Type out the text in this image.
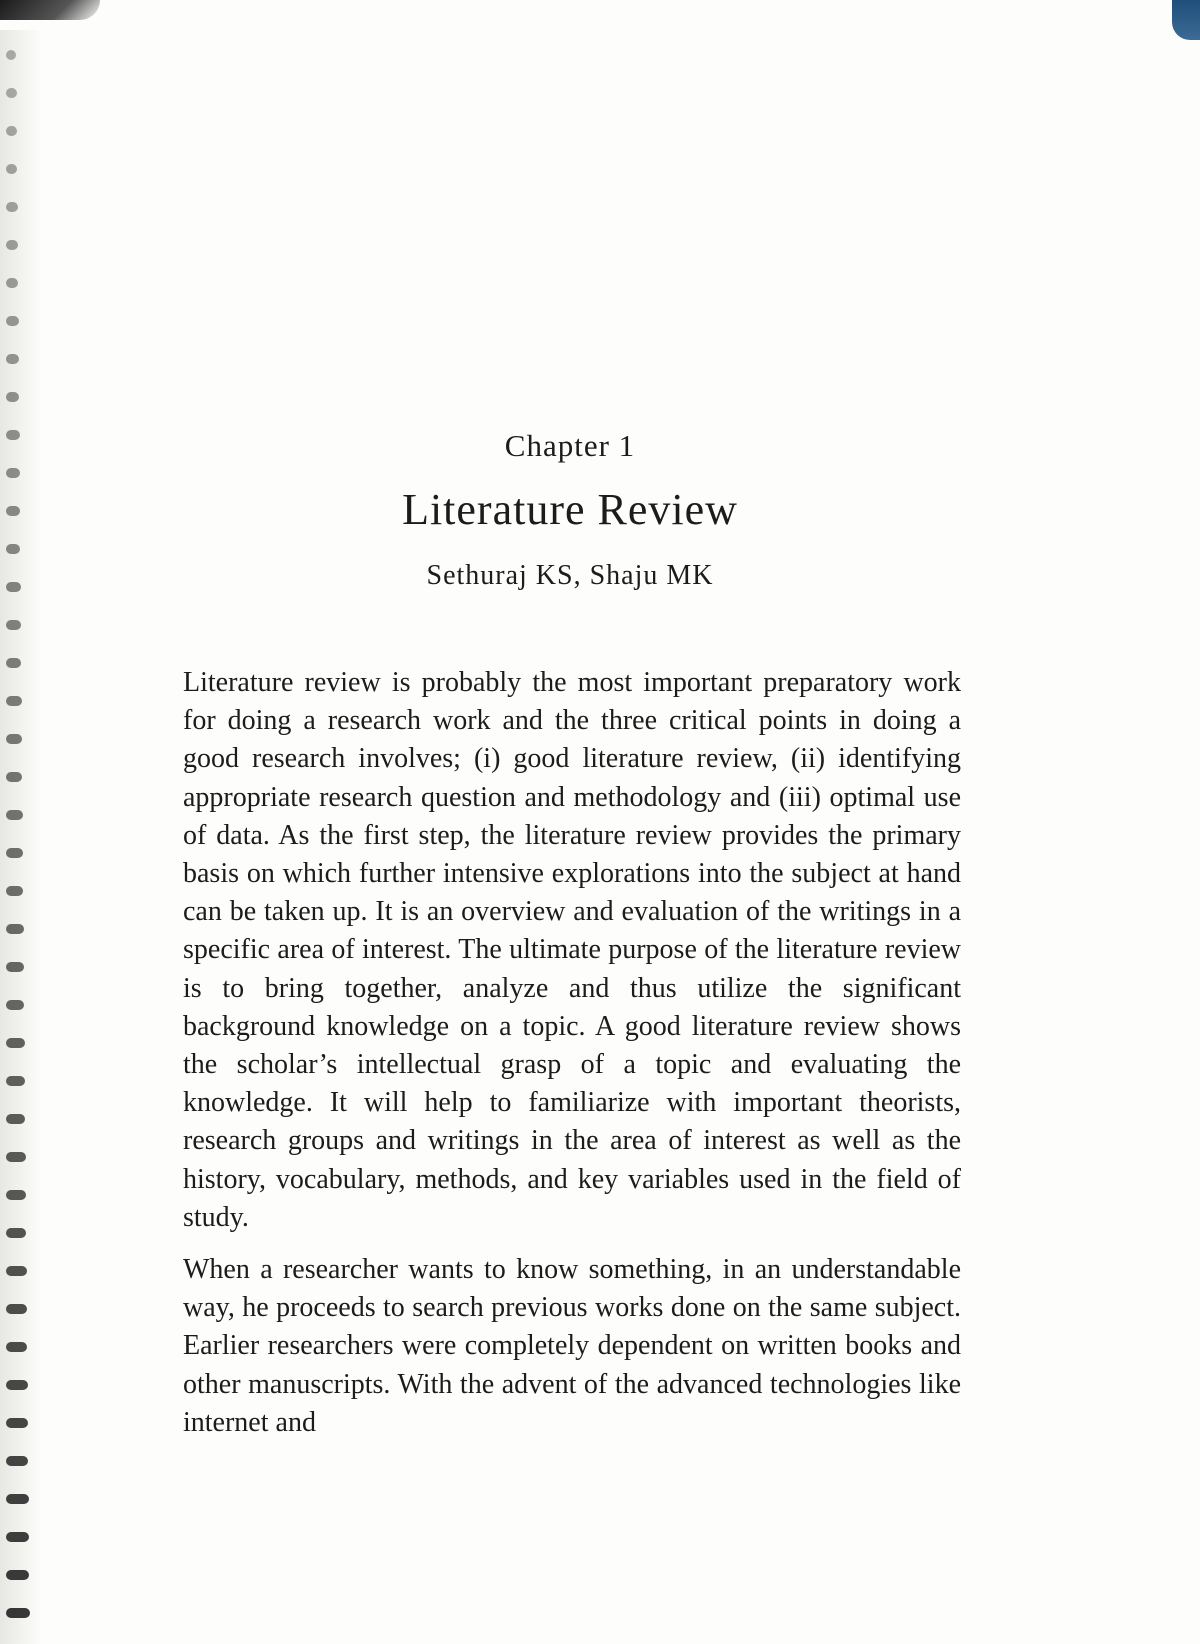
Chapter 1
Literature Review
Sethuraj KS, Shaju MK

Literature review is probably the most important preparatory work for doing a research work and the three critical points in doing a good research involves; (i) good literature review, (ii) identifying appropriate research question and methodology and (iii) optimal use of data. As the first step, the literature review provides the primary basis on which further intensive explorations into the subject at hand can be taken up. It is an overview and evaluation of the writings in a specific area of interest. The ultimate purpose of the literature review is to bring together, analyze and thus utilize the significant background knowledge on a topic. A good literature review shows the scholar’s intellectual grasp of a topic and evaluating the knowledge. It will help to familiarize with important theorists, research groups and writings in the area of interest as well as the history, vocabulary, methods, and key variables used in the field of study.

When a researcher wants to know something, in an understandable way, he proceeds to search previous works done on the same subject. Earlier researchers were completely dependent on written books and other manuscripts. With the advent of the advanced technologies like internet and
